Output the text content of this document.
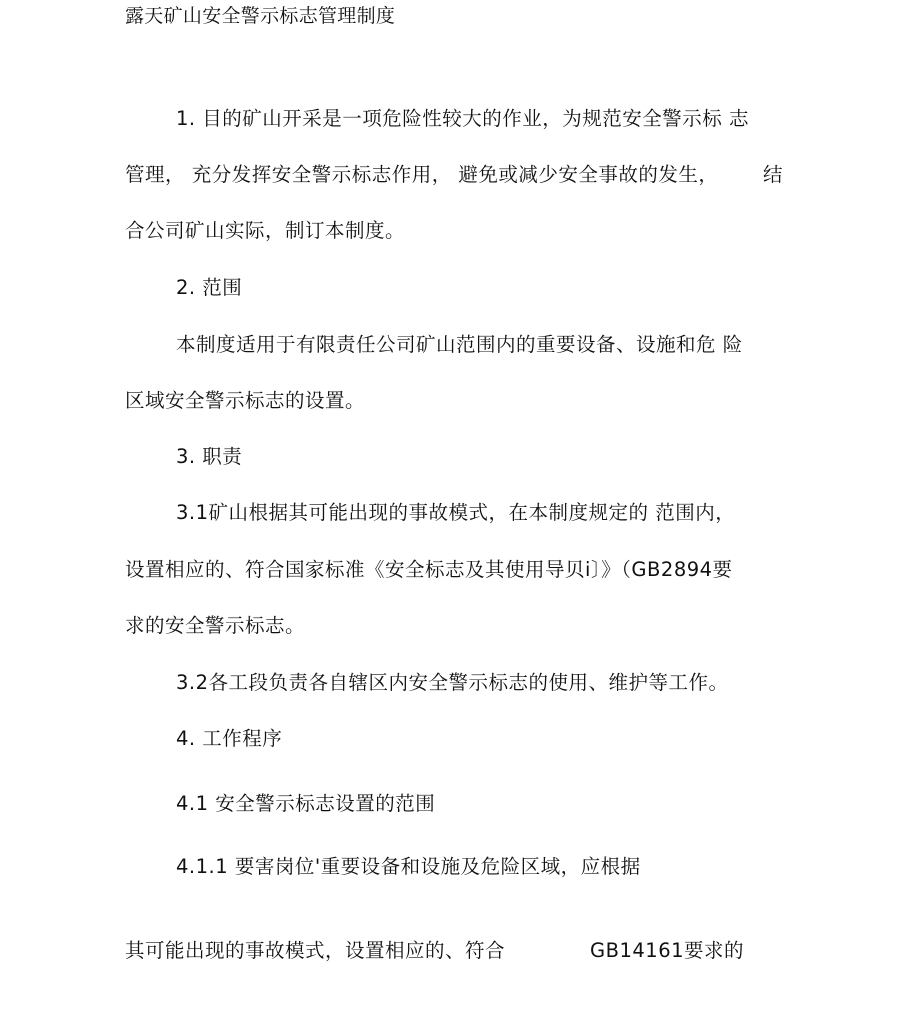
露天矿山安全警示标志管理制度
1. 目的矿山开采是一项危险性较大的作业，为规范安全警示标 志
管理， 充分发挥安全警示标志作用， 避免或减少安全事故的发生， 结
合公司矿山实际，制订本制度。
2. 范围
本制度适用于有限责任公司矿山范围内的重要设备、设施和危 险
区域安全警示标志的设置。
3. 职责
3.1矿山根据其可能出现的事故模式，在本制度规定的 范围内，
设置相应的、符合国家标准《安全标志及其使用导贝ⅰ〕》（GB2894要
求的安全警示标志。
3.2各工段负责各自辖区内安全警示标志的使用、维护等工作。
4. 工作程序
4.1 安全警示标志设置的范围
4.1.1 要害岗位'重要设备和设施及危险区域，应根据
其可能出现的事故模式，设置相应的、符合	GB14161要求的
